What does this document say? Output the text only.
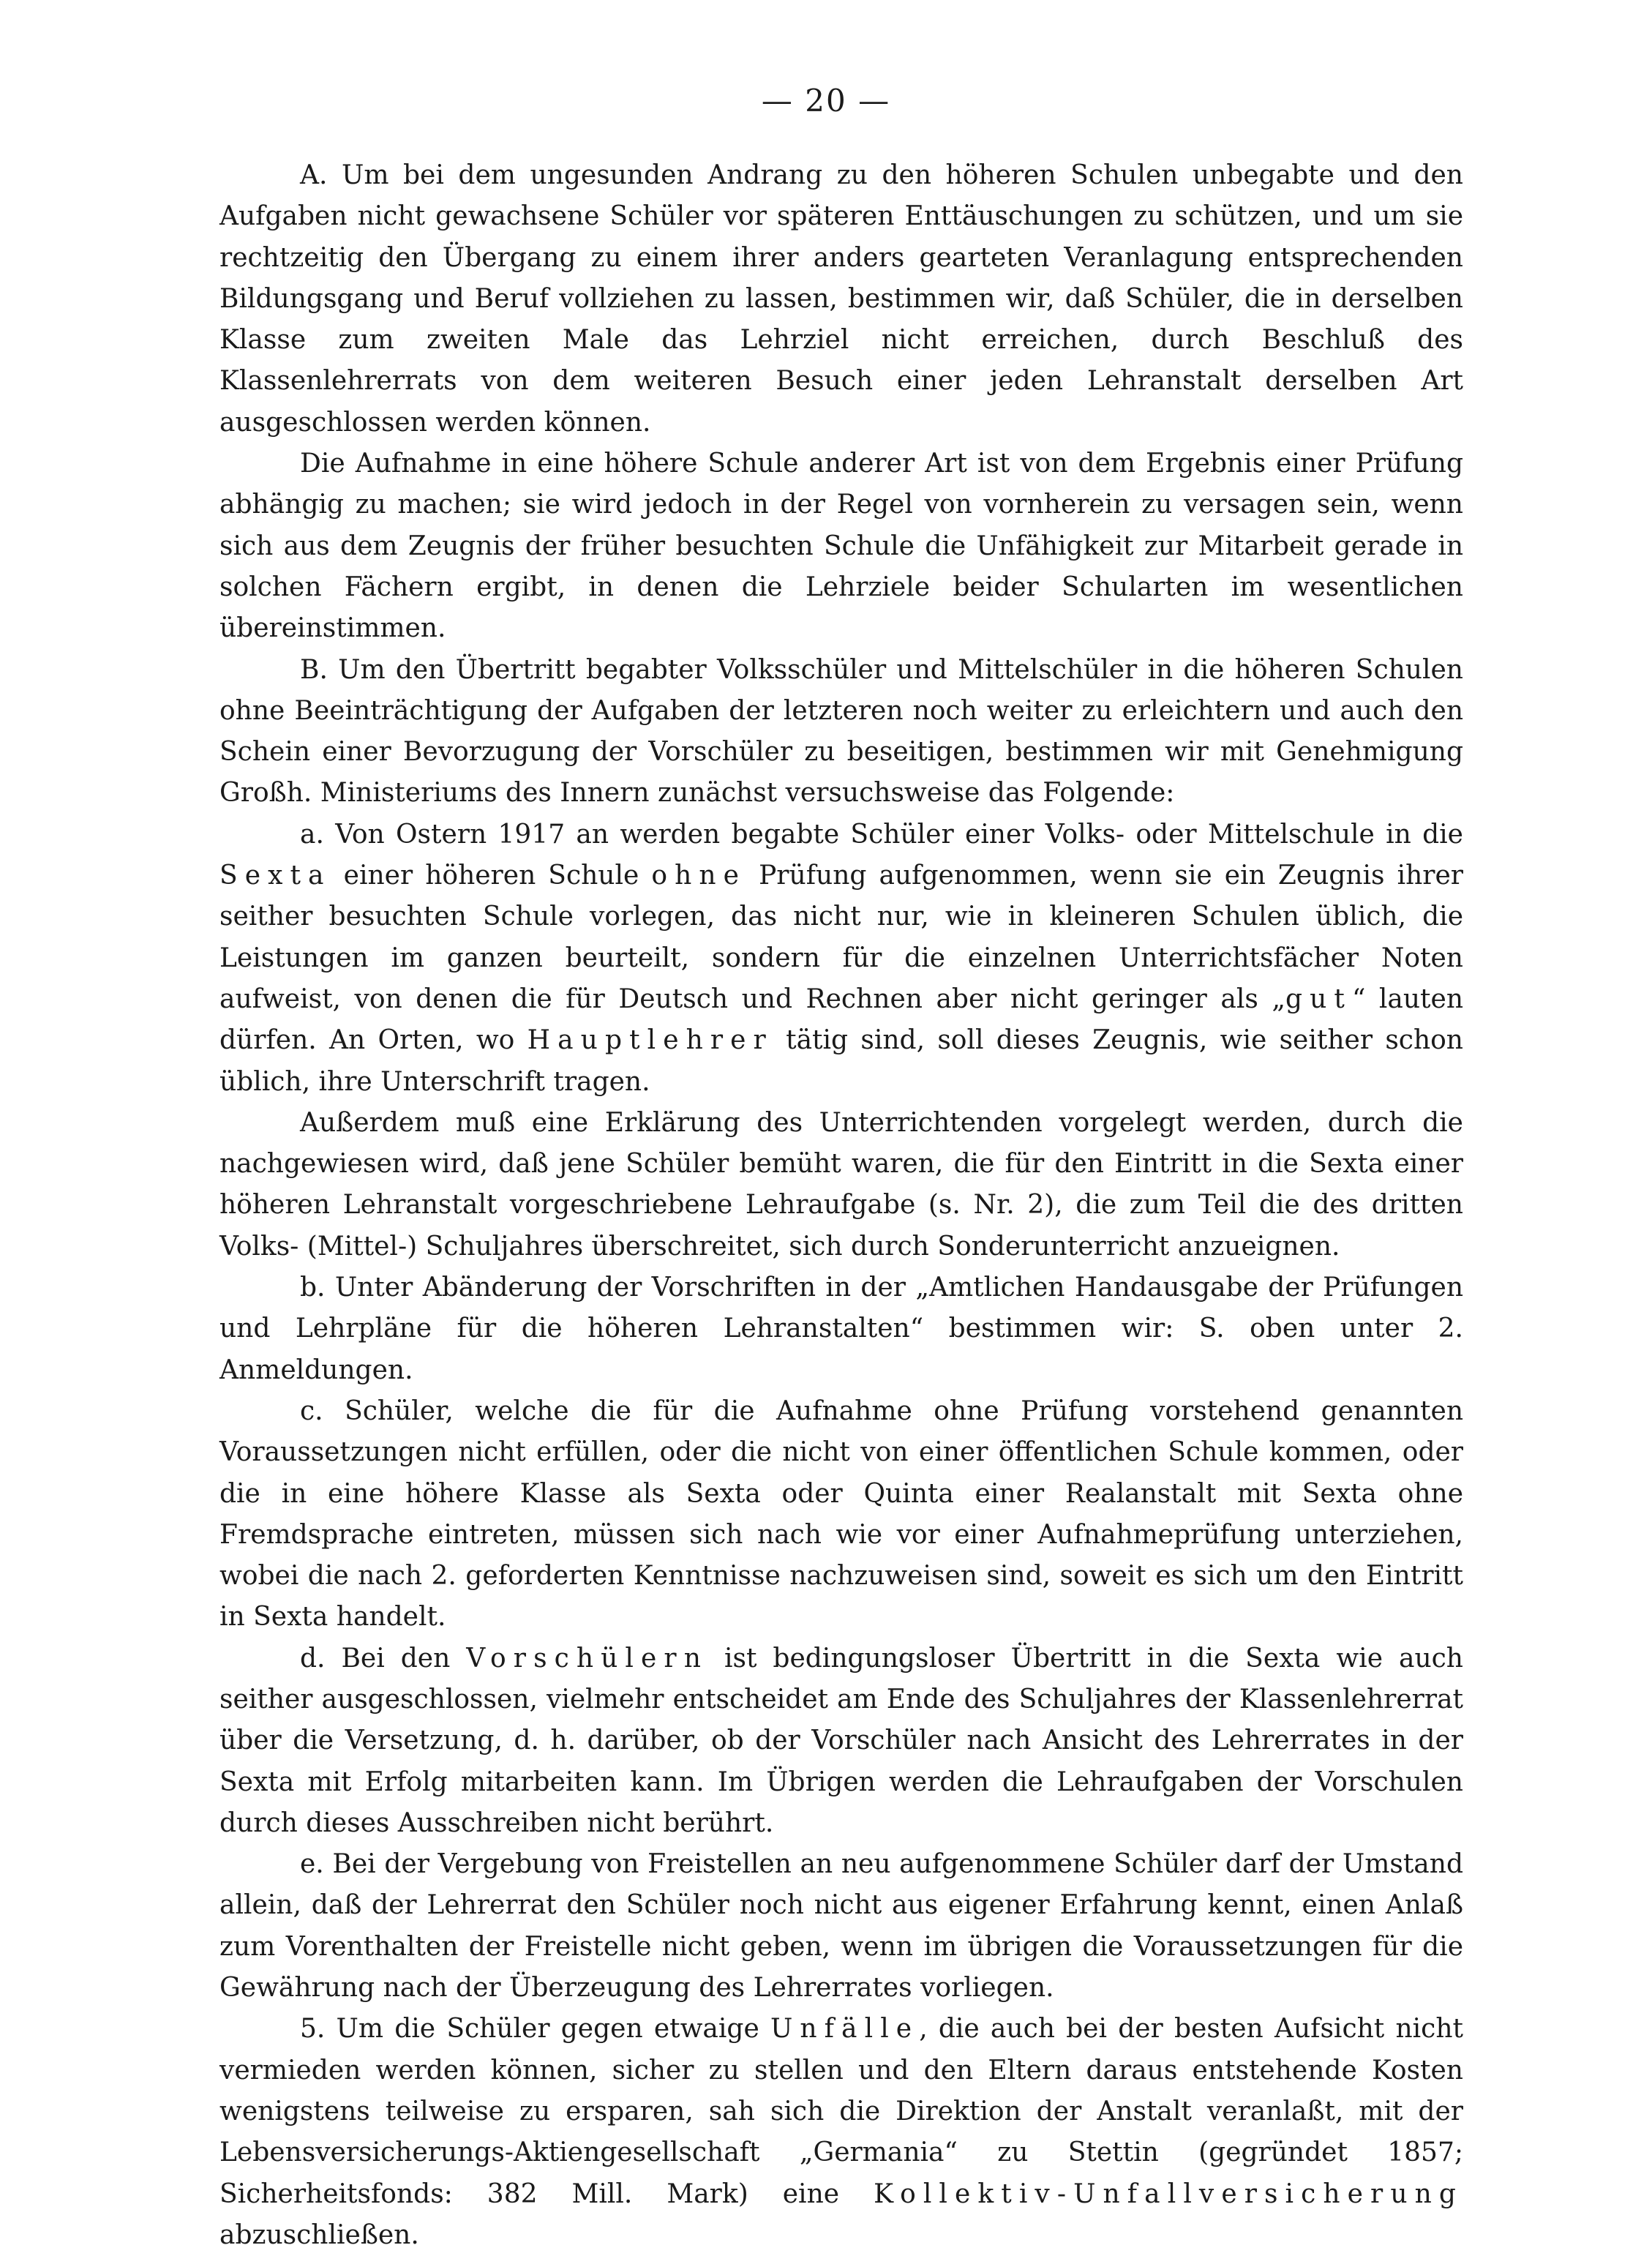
— 20 —

A. Um bei dem ungesunden Andrang zu den höheren Schulen unbegabte und den Aufgaben nicht gewachsene Schüler vor späteren Enttäuschungen zu schützen, und um sie rechtzeitig den Übergang zu einem ihrer anders gearteten Veranlagung entsprechenden Bildungsgang und Beruf vollziehen zu lassen, bestimmen wir, daß Schüler, die in derselben Klasse zum zweiten Male das Lehrziel nicht erreichen, durch Beschluß des Klassenlehrerrats von dem weiteren Besuch einer jeden Lehranstalt derselben Art ausgeschlossen werden können.

Die Aufnahme in eine höhere Schule anderer Art ist von dem Ergebnis einer Prüfung abhängig zu machen; sie wird jedoch in der Regel von vornherein zu versagen sein, wenn sich aus dem Zeugnis der früher besuchten Schule die Unfähigkeit zur Mitarbeit gerade in solchen Fächern ergibt, in denen die Lehrziele beider Schularten im wesentlichen übereinstimmen.

B. Um den Übertritt begabter Volksschüler und Mittelschüler in die höheren Schulen ohne Beeinträchtigung der Aufgaben der letzteren noch weiter zu erleichtern und auch den Schein einer Bevorzugung der Vorschüler zu beseitigen, bestimmen wir mit Genehmigung Großh. Ministeriums des Innern zunächst versuchsweise das Folgende:

a. Von Ostern 1917 an werden begabte Schüler einer Volks- oder Mittelschule in die Sexta einer höheren Schule ohne Prüfung aufgenommen, wenn sie ein Zeugnis ihrer seither besuchten Schule vorlegen, das nicht nur, wie in kleineren Schulen üblich, die Leistungen im ganzen beurteilt, sondern für die einzelnen Unterrichtsfächer Noten aufweist, von denen die für Deutsch und Rechnen aber nicht geringer als „gut“ lauten dürfen. An Orten, wo Hauptlehrer tätig sind, soll dieses Zeugnis, wie seither schon üblich, ihre Unterschrift tragen.

Außerdem muß eine Erklärung des Unterrichtenden vorgelegt werden, durch die nachgewiesen wird, daß jene Schüler bemüht waren, die für den Eintritt in die Sexta einer höheren Lehranstalt vorgeschriebene Lehraufgabe (s. Nr. 2), die zum Teil die des dritten Volks- (Mittel-) Schuljahres überschreitet, sich durch Sonderunterricht anzueignen.

b. Unter Abänderung der Vorschriften in der „Amtlichen Handausgabe der Prüfungen und Lehrpläne für die höheren Lehranstalten“ bestimmen wir: S. oben unter 2. Anmeldungen.

c. Schüler, welche die für die Aufnahme ohne Prüfung vorstehend genannten Voraussetzungen nicht erfüllen, oder die nicht von einer öffentlichen Schule kommen, oder die in eine höhere Klasse als Sexta oder Quinta einer Realanstalt mit Sexta ohne Fremdsprache eintreten, müssen sich nach wie vor einer Aufnahmeprüfung unterziehen, wobei die nach 2. geforderten Kenntnisse nachzuweisen sind, soweit es sich um den Eintritt in Sexta handelt.

d. Bei den Vorschülern ist bedingungsloser Übertritt in die Sexta wie auch seither ausgeschlossen, vielmehr entscheidet am Ende des Schuljahres der Klassenlehrerrat über die Versetzung, d. h. darüber, ob der Vorschüler nach Ansicht des Lehrerrates in der Sexta mit Erfolg mitarbeiten kann. Im Übrigen werden die Lehraufgaben der Vorschulen durch dieses Ausschreiben nicht berührt.

e. Bei der Vergebung von Freistellen an neu aufgenommene Schüler darf der Umstand allein, daß der Lehrerrat den Schüler noch nicht aus eigener Erfahrung kennt, einen Anlaß zum Vorenthalten der Freistelle nicht geben, wenn im übrigen die Voraussetzungen für die Gewährung nach der Überzeugung des Lehrerrates vorliegen.

5. Um die Schüler gegen etwaige Unfälle, die auch bei der besten Aufsicht nicht vermieden werden können, sicher zu stellen und den Eltern daraus entstehende Kosten wenigstens teilweise zu ersparen, sah sich die Direktion der Anstalt veranlaßt, mit der Lebensversicherungs-Aktiengesellschaft „Germania“ zu Stettin (gegründet 1857; Sicherheitsfonds: 382 Mill. Mark) eine Kollektiv-Unfallversicherung abzuschließen.
